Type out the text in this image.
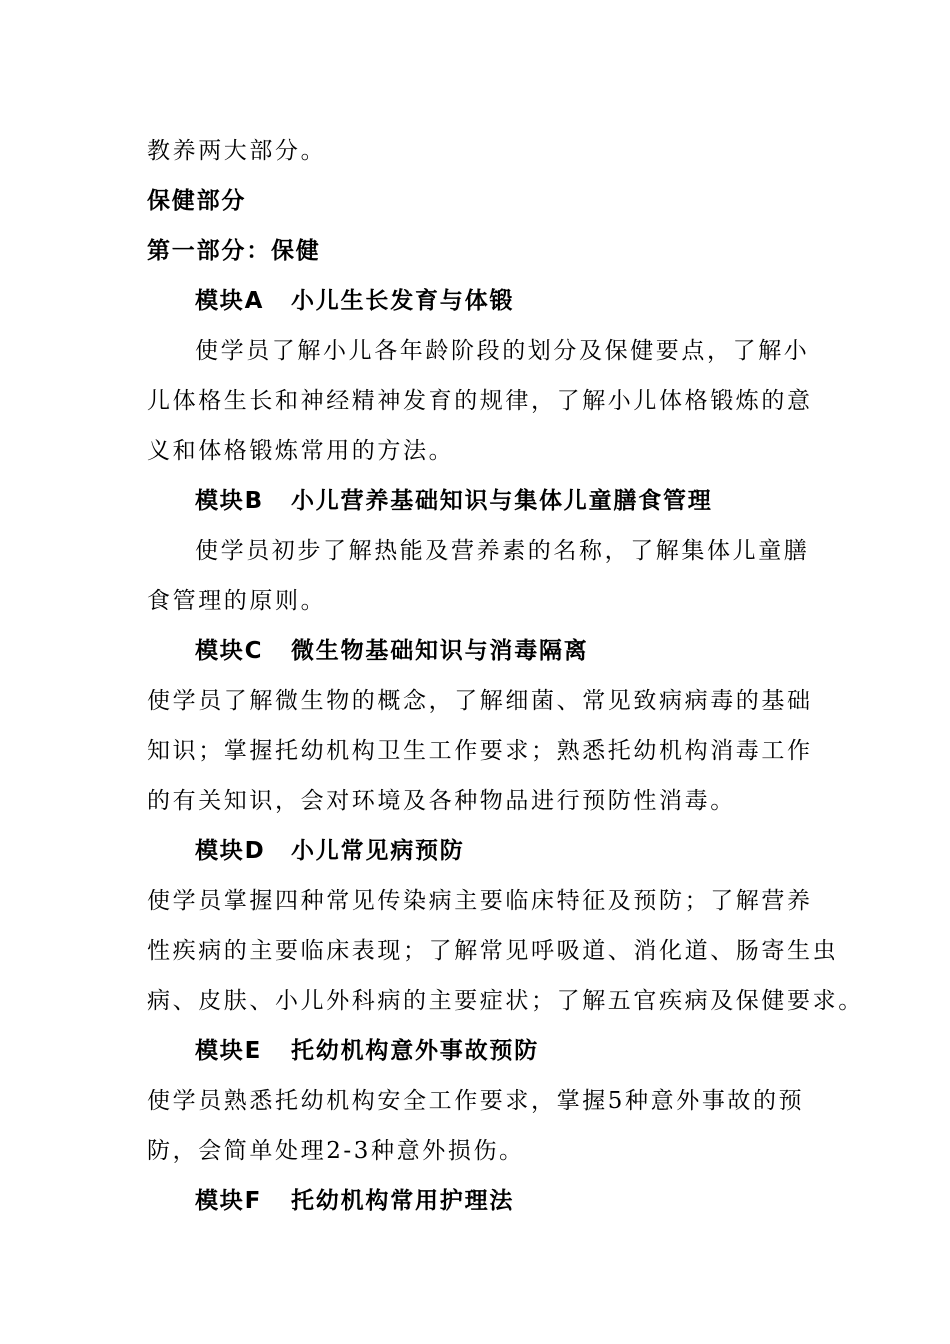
教养两大部分。
保健部分
第一部分：保健
模块A 小儿生长发育与体锻
使学员了解小儿各年龄阶段的划分及保健要点，了解小
儿体格生长和神经精神发育的规律，了解小儿体格锻炼的意
义和体格锻炼常用的方法。
模块B 小儿营养基础知识与集体儿童膳食管理
使学员初步了解热能及营养素的名称，了解集体儿童膳
食管理的原则。
模块C 微生物基础知识与消毒隔离
使学员了解微生物的概念，了解细菌、常见致病病毒的基础
知识；掌握托幼机构卫生工作要求；熟悉托幼机构消毒工作
的有关知识，会对环境及各种物品进行预防性消毒。
模块D 小儿常见病预防
使学员掌握四种常见传染病主要临床特征及预防；了解营养
性疾病的主要临床表现；了解常见呼吸道、消化道、肠寄生虫
病、皮肤、小儿外科病的主要症状；了解五官疾病及保健要求。
模块E 托幼机构意外事故预防
使学员熟悉托幼机构安全工作要求，掌握5种意外事故的预
防，会简单处理2-3种意外损伤。
模块F 托幼机构常用护理法
